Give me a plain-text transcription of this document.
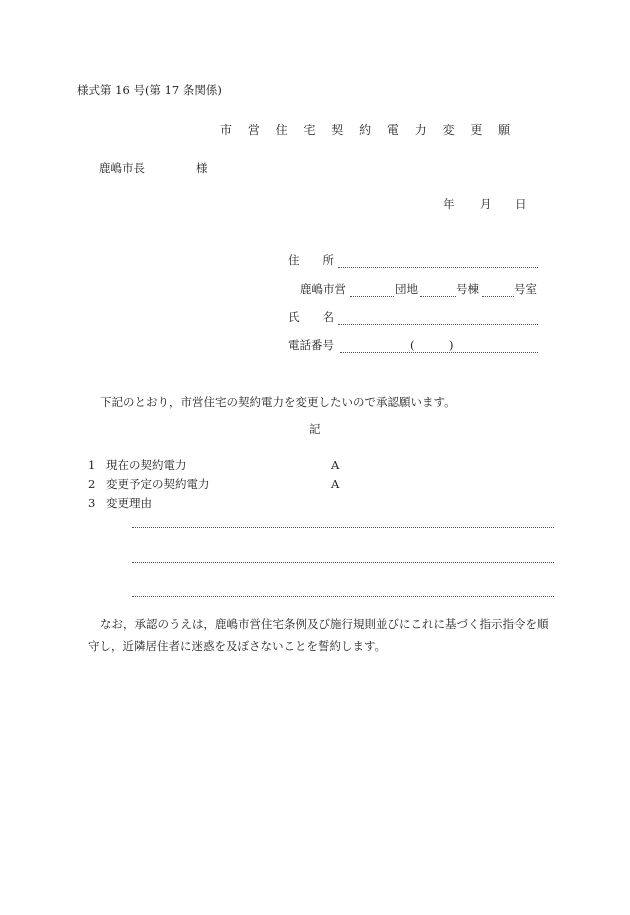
様式第 16 号(第 17 条関係)
市 営 住 宅 契 約 電 力 変 更 願
鹿嶋市長	様
年 月 日
住　　所
鹿嶋市営	団地	号棟	号室
氏　　名
電話番号	(　　　)
下記のとおり，市営住宅の契約電力を変更したいので承認願います。
記
1 現在の契約電力	A
2 変更予定の契約電力	A
3 変更理由
なお，承認のうえは，鹿嶋市営住宅条例及び施行規則並びにこれに基づく指示指令を順守し，近隣居住者に迷惑を及ぼさないことを誓約します。
